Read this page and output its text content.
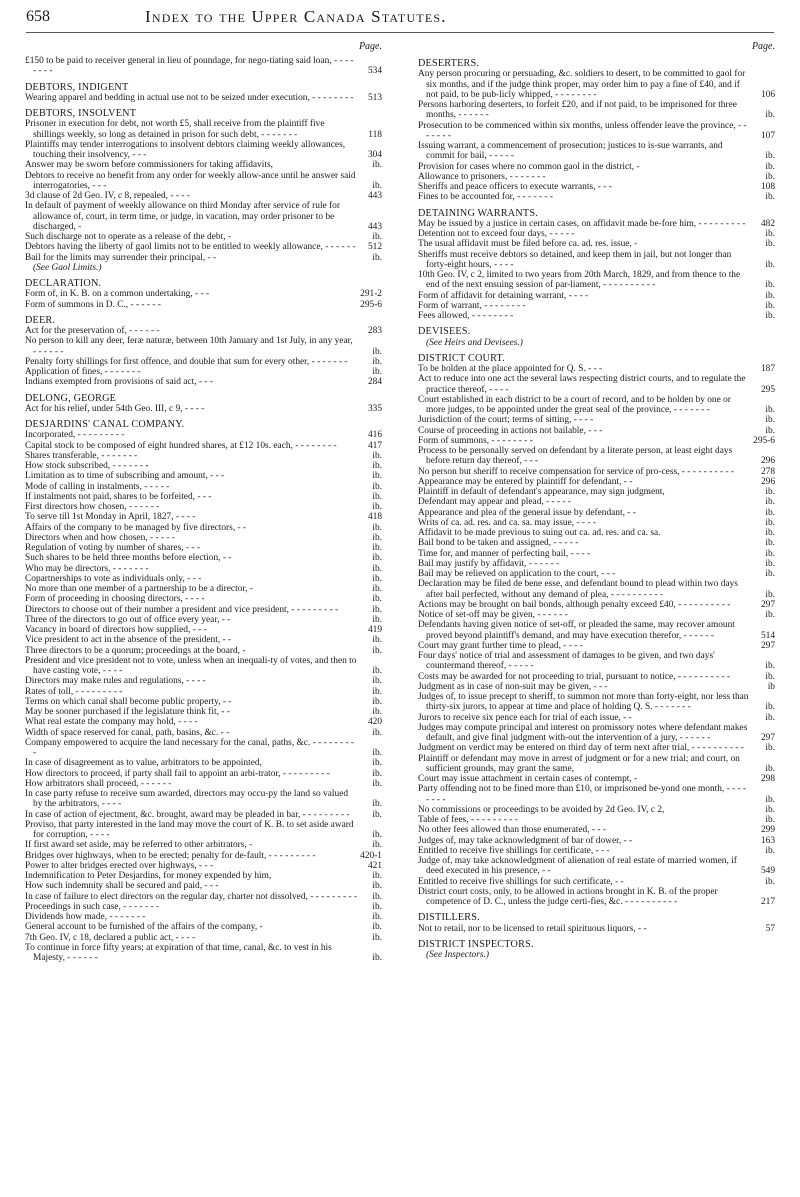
658	Index to the Upper Canada Statutes.
Page.
£150 to be paid to receiver general in lieu of poundage, for nego-tiating said loan, - - - - - - - -	534
DEBTORS, INDIGENT
Wearing apparel and bedding in actual use not to be seized under execution, - - - - - - - -	513
DEBTORS, INSOLVENT
Prisoner in execution for debt, not worth £5, shall receive from the plaintiff five shillings weekly, so long as detained in prison for such debt, - - - - - - -	118
Plaintiffs may tender interrogations to insolvent debtors claiming weekly allowances, touching their insolvency, - - -	304
Answer may be sworn before commissioners for taking affidavits,	ib.
Debtors to receive no benefit from any order for weekly allow-ance until he answer said interrogatories, - - -	ib.
3d clause of 2d Geo. IV, c 8, repealed, - - - -	443
In default of payment of weekly allowance on third Monday after service of rule for allowance of, court, in term time, or judge, in vacation, may order prisoner to be discharged, -	443
Such discharge not to operate as a release of the debt, -	ib.
Debtors having the liberty of gaol limits not to be entitled to weekly allowance, - - - - - -	512
Bail for the limits may surrender their principal, - -	ib.
(See Gaol Limits.)
DECLARATION.
Form of, in K. B. on a common undertaking, - - -	291-2
Form of summons in D. C., - - - - - -	295-6
DEER.
Act for the preservation of, - - - - - -	283
No person to kill any deer, feræ naturæ, between 10th January and 1st July, in any year, - - - - - -	ib.
Penalty forty shillings for first offence, and double that sum for every other, - - - - - - -	ib.
Application of fines, - - - - - - -	ib.
Indians exempted from provisions of said act, - - -	284
DELONG, GEORGE
Act for his relief, under 54th Geo. III, c 9, - - - -	335
DESJARDINS' CANAL COMPANY.
Incorporated, - - - - - - - - -	416
Capital stock to be composed of eight hundred shares, at £12 10s. each, - - - - - - - -	417
Shares transferable, - - - - - - -	ib.
How stock subscribed, - - - - - - -	ib.
Limitation as to time of subscribing and amount, - - -	ib.
Mode of calling in instalments, - - - - -	ib.
If instalments not paid, shares to be forfeited, - - -	ib.
First directors how chosen, - - - - - -	ib.
To serve till 1st Monday in April, 1827, - - - -	418
Affairs of the company to be managed by five directors, - -	ib.
Directors when and how chosen, - - - - -	ib.
Regulation of voting by number of shares, - - -	ib.
Such shares to be held three months before election, - -	ib.
Who may be directors, - - - - - - -	ib.
Copartnerships to vote as individuals only, - - -	ib.
No more than one member of a partnership to be a director, -	ib.
Form of proceeding in choosing directors, - - - -	ib.
Directors to choose out of their number a president and vice president, - - - - - - - - -	ib.
Three of the directors to go out of office every year, - -	ib.
Vacancy in board of directors how supplied, - - -	419
Vice president to act in the absence of the president, - -	ib.
Three directors to be a quorum; proceedings at the board, -	ib.
President and vice president not to vote, unless when an inequali-ty of votes, and then to have casting vote, - - - -	ib.
Directors may make rules and regulations, - - - -	ib.
Rates of toll, - - - - - - - - -	ib.
Terms on which canal shall become public property, - -	ib.
May be sooner purchased if the legislature think fit, - -	ib.
What real estate the company may hold, - - - -	420
Width of space reserved for canal, path, basins, &c. - -	ib.
Company empowered to acquire the land necessary for the canal, paths, &c. - - - - - - - - -	ib.
In case of disagreement as to value, arbitrators to be appointed,	ib.
How directors to proceed, if party shall fail to appoint an arbi-trator, - - - - - - - - -	ib.
How arbitrators shall proceed, - - - - - -	ib.
In case party refuse to receive sum awarded, directors may occu-py the land so valued by the arbitrators, - - - -	ib.
In case of action of ejectment, &c. brought, award may be pleaded in bar, - - - - - - - - -	ib.
Proviso, that party interested in the land may move the court of K. B. to set aside award for corruption, - - - -	ib.
If first award set aside, may be referred to other arbitrators, -	ib.
Bridges over highways, when to be erected; penalty for de-fault, - - - - - - - - -	420-1
Power to alter bridges erected over highways, - - -	421
Indemnification to Peter Desjardins, for money expended by him,	ib.
How such indemnity shall be secured and paid, - - -	ib.
In case of failure to elect directors on the regular day, charter not dissolved, - - - - - - - - -	ib.
Proceedings in such case, - - - - - - -	ib.
Dividends how made, - - - - - - -	ib.
General account to be furnished of the affairs of the company, -	ib.
7th Geo. IV, c 18, declared a public act, - - - -	ib.
To continue in force fifty years; at expiration of that time, canal, &c. to vest in his Majesty, - - - - - -	ib.
Page.
DESERTERS.
Any person procuring or persuading, &c. soldiers to desert, to be committed to gaol for six months, and if the judge think proper, may order him to pay a fine of £40, and if not paid, to be pub-licly whipped, - - - - - - - -	106
Persons harboring deserters, to forfeit £20, and if not paid, to be imprisoned for three months, - - - - - -	ib.
Prosecution to be commenced within six months, unless offender leave the province, - - - - - - -	107
Issuing warrant, a commencement of prosecution; justices to is-sue warrants, and commit for bail, - - - - -	ib.
Provision for cases where no common gaol in the district, -	ib.
Allowance to prisoners, - - - - - - -	ib.
Sheriffs and peace officers to execute warrants, - - -	108
Fines to be accounted for, - - - - - - -	ib.
DETAINING WARRANTS.
May be issued by a justice in certain cases, on affidavit made be-fore him, - - - - - - - - -	482
Detention not to exceed four days, - - - - -	ib.
The usual affidavit must be filed before ca. ad. res. issue, -	ib.
Sheriffs must receive debtors so detained, and keep them in jail, but not longer than forty-eight hours, - - - -	ib.
10th Geo. IV, c 2, limited to two years from 20th March, 1829, and from thence to the end of the next ensuing session of par-liament, - - - - - - - - - -	ib.
Form of affidavit for detaining warrant, - - - -	ib.
Form of warrant, - - - - - - - -	ib.
Fees allowed, - - - - - - - -	ib.
DEVISEES.
(See Heirs and Devisees.)
DISTRICT COURT.
To be holden at the place appointed for Q. S. - - -	187
Act to reduce into one act the several laws respecting district courts, and to regulate the practice thereof, - - - -	295
Court established in each district to be a court of record, and to be holden by one or more judges, to be appointed under the great seal of the province, - - - - - - -	ib.
Jurisdiction of the court; terms of sitting, - - - -	ib.
Course of proceeding in actions not bailable, - - -	ib.
Form of summons, - - - - - - - -	295-6
Process to be personally served on defendant by a literate person, at least eight days before return day thereof, - - -	296
No person but sheriff to receive compensation for service of pro-cess, - - - - - - - - - -	278
Appearance may be entered by plaintiff for defendant, - -	296
Plaintiff in default of defendant's appearance, may sign judgment,	ib.
Defendant may appear and plead, - - - - -	ib.
Appearance and plea of the general issue by defendant, - -	ib.
Writs of ca. ad. res. and ca. sa. may issue, - - - -	ib.
Affidavit to be made previous to suing out ca. ad. res. and ca. sa.	ib.
Bail bond to be taken and assigned, - - - - -	ib.
Time for, and manner of perfecting bail, - - - -	ib.
Bail may justify by affidavit, - - - - - -	ib.
Bail may be relieved on application to the court, - - -	ib.
Declaration may be filed de bene esse, and defendant bound to plead within two days after bail perfected, without any demand of plea, - - - - - - - - - -	ib.
Actions may be brought on bail bonds, although penalty exceed £40, - - - - - - - - - -	297
Notice of set-off may be given, - - - - - -	ib.
Defendants having given notice of set-off, or pleaded the same, may recover amount proved beyond plaintiff's demand, and may have execution therefor, - - - - - -	514
Court may grant further time to plead, - - - -	297
Four days' notice of trial and assessment of damages to be given, and two days' countermand thereof, - - - - -	ib.
Costs may be awarded for not proceeding to trial, pursuant to notice, - - - - - - - - - -	ib.
Judgment as in case of non-suit may be given, - - -	ib
Judges of, to issue precept to sheriff, to summon not more than forty-eight, nor less than thirty-six jurors, to appear at time and place of holding Q. S. - - - - - - -	ib.
Jurors to receive six pence each for trial of each issue, - -	ib.
Judges may compute principal and interest on promissory notes where defendant makes default, and give final judgment with-out the intervention of a jury, - - - - - -	297
Judgment on verdict may be entered on third day of term next after trial, - - - - - - - - - -	ib.
Plaintiff or defendant may move in arrest of judgment or for a new trial; and court, on sufficient grounds, may grant the same,	ib.
Court may issue attachment in certain cases of contempt, -	298
Party offending not to be fined more than £10, or imprisoned be-yond one month, - - - - - - - -	ib.
No commissions or proceedings to be avoided by 2d Geo. IV, c 2,	ib.
Table of fees, - - - - - - - - -	ib.
No other fees allowed than those enumerated, - - -	299
Judges of, may take acknowledgment of bar of dower, - -	163
Entitled to receive five shillings for certificate, - - -	ib.
Judge of, may take acknowledgment of alienation of real estate of married women, if deed executed in his presence, - -	549
Entitled to receive five shillings for such certificate, - -	ib.
District court costs, only, to be allowed in actions brought in K. B. of the proper competence of D. C., unless the judge certi-fies, &c. - - - - - - - - - -	217
DISTILLERS.
Not to retail, nor to be licensed to retail spirituous liquors, - -	57
DISTRICT INSPECTORS.
(See Inspectors.)
